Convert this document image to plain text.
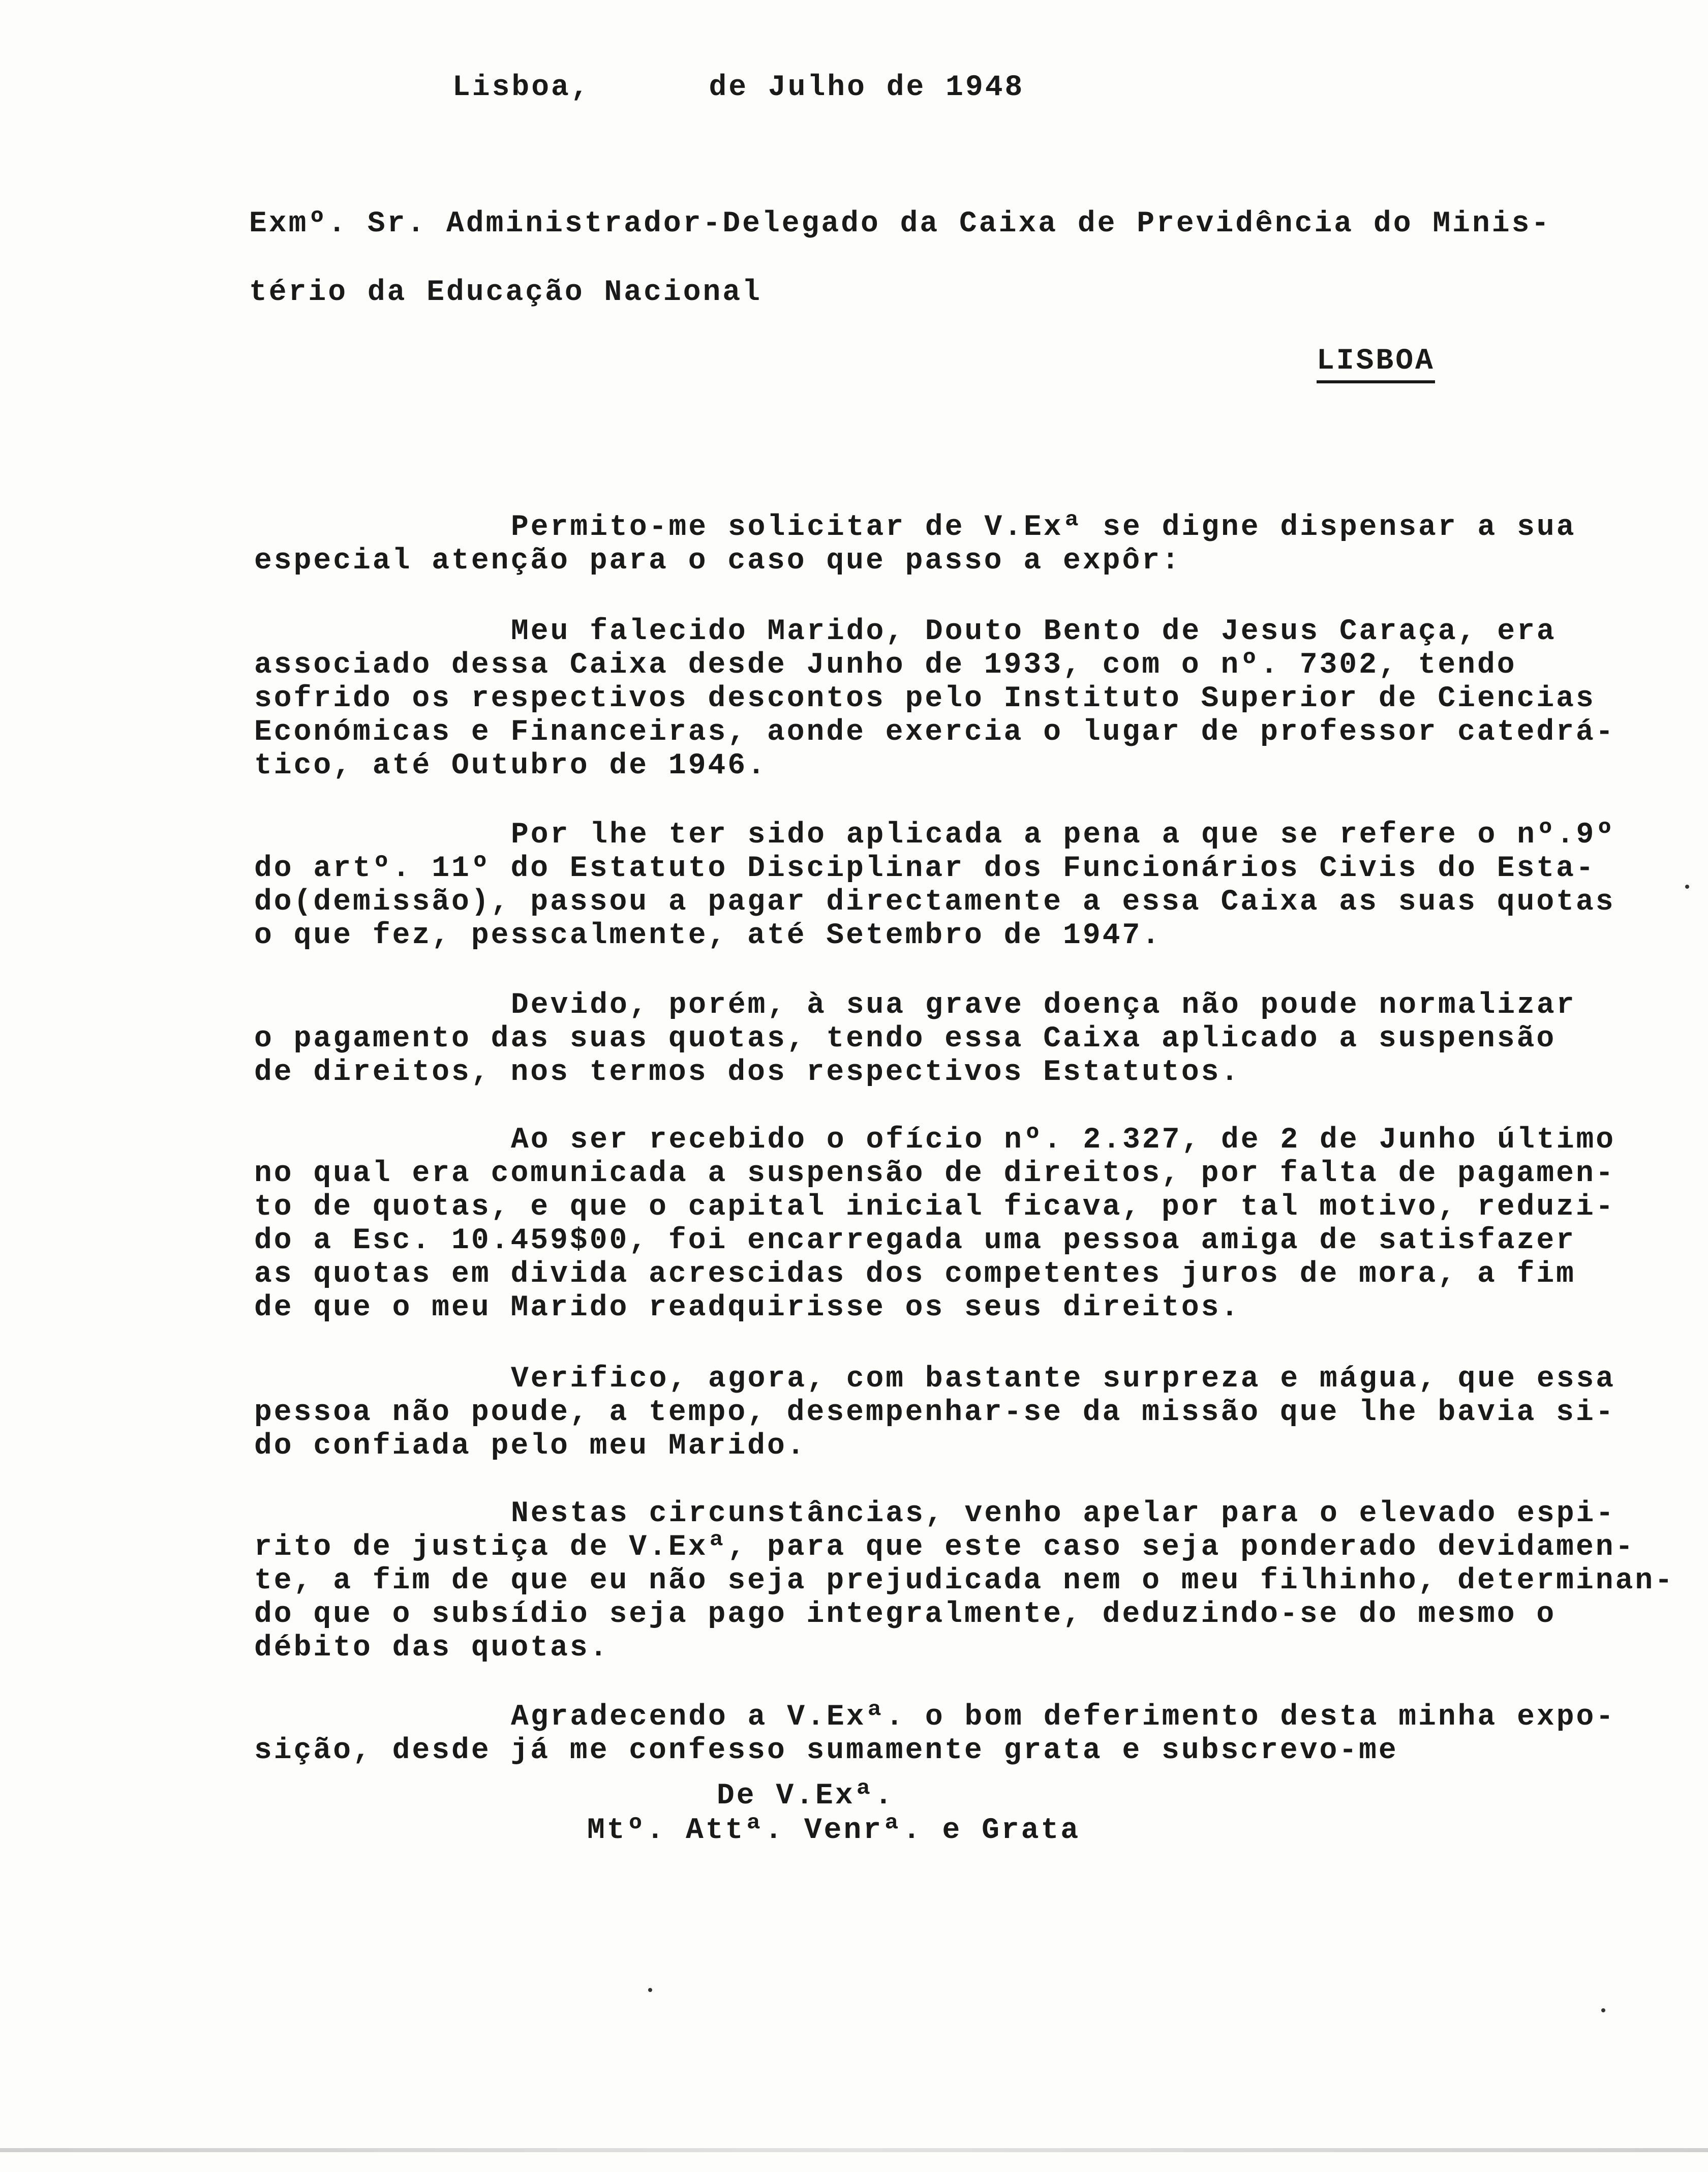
Lisboa,      de Julho de 1948
Exmº. Sr. Administrador-Delegado da Caixa de Previdência do Minis-
tério da Educação Nacional
LISBOA
Permito-me solicitar de V.Exª se digne dispensar a sua
especial atenção para o caso que passo a expôr:
Meu falecido Marido, Douto Bento de Jesus Caraça, era
associado dessa Caixa desde Junho de 1933, com o nº. 7302, tendo
sofrido os respectivos descontos pelo Instituto Superior de Ciencias
Económicas e Financeiras, aonde exercia o lugar de professor catedrá-
tico, até Outubro de 1946.
Por lhe ter sido aplicada a pena a que se refere o nº.9º
do artº. 11º do Estatuto Disciplinar dos Funcionários Civis do Esta-
do(demissão), passou a pagar directamente a essa Caixa as suas quotas
o que fez, pesscalmente, até Setembro de 1947.
Devido, porém, à sua grave doença não poude normalizar
o pagamento das suas quotas, tendo essa Caixa aplicado a suspensão
de direitos, nos termos dos respectivos Estatutos.
Ao ser recebido o ofício nº. 2.327, de 2 de Junho último
no qual era comunicada a suspensão de direitos, por falta de pagamen-
to de quotas, e que o capital inicial ficava, por tal motivo, reduzi-
do a Esc. 10.459$00, foi encarregada uma pessoa amiga de satisfazer
as quotas em divida acrescidas dos competentes juros de mora, a fim
de que o meu Marido readquirisse os seus direitos.
Verifico, agora, com bastante surpreza e mágua, que essa
pessoa não poude, a tempo, desempenhar-se da missão que lhe bavia si-
do confiada pelo meu Marido.
Nestas circunstâncias, venho apelar para o elevado espi-
rito de justiça de V.Exª, para que este caso seja ponderado devidamen-
te, a fim de que eu não seja prejudicada nem o meu filhinho, determinan-
do que o subsídio seja pago integralmente, deduzindo-se do mesmo o
débito das quotas.
Agradecendo a V.Exª. o bom deferimento desta minha expo-
sição, desde já me confesso sumamente grata e subscrevo-me
De V.Exª.
Mtº. Attª. Venrª. e Grata
